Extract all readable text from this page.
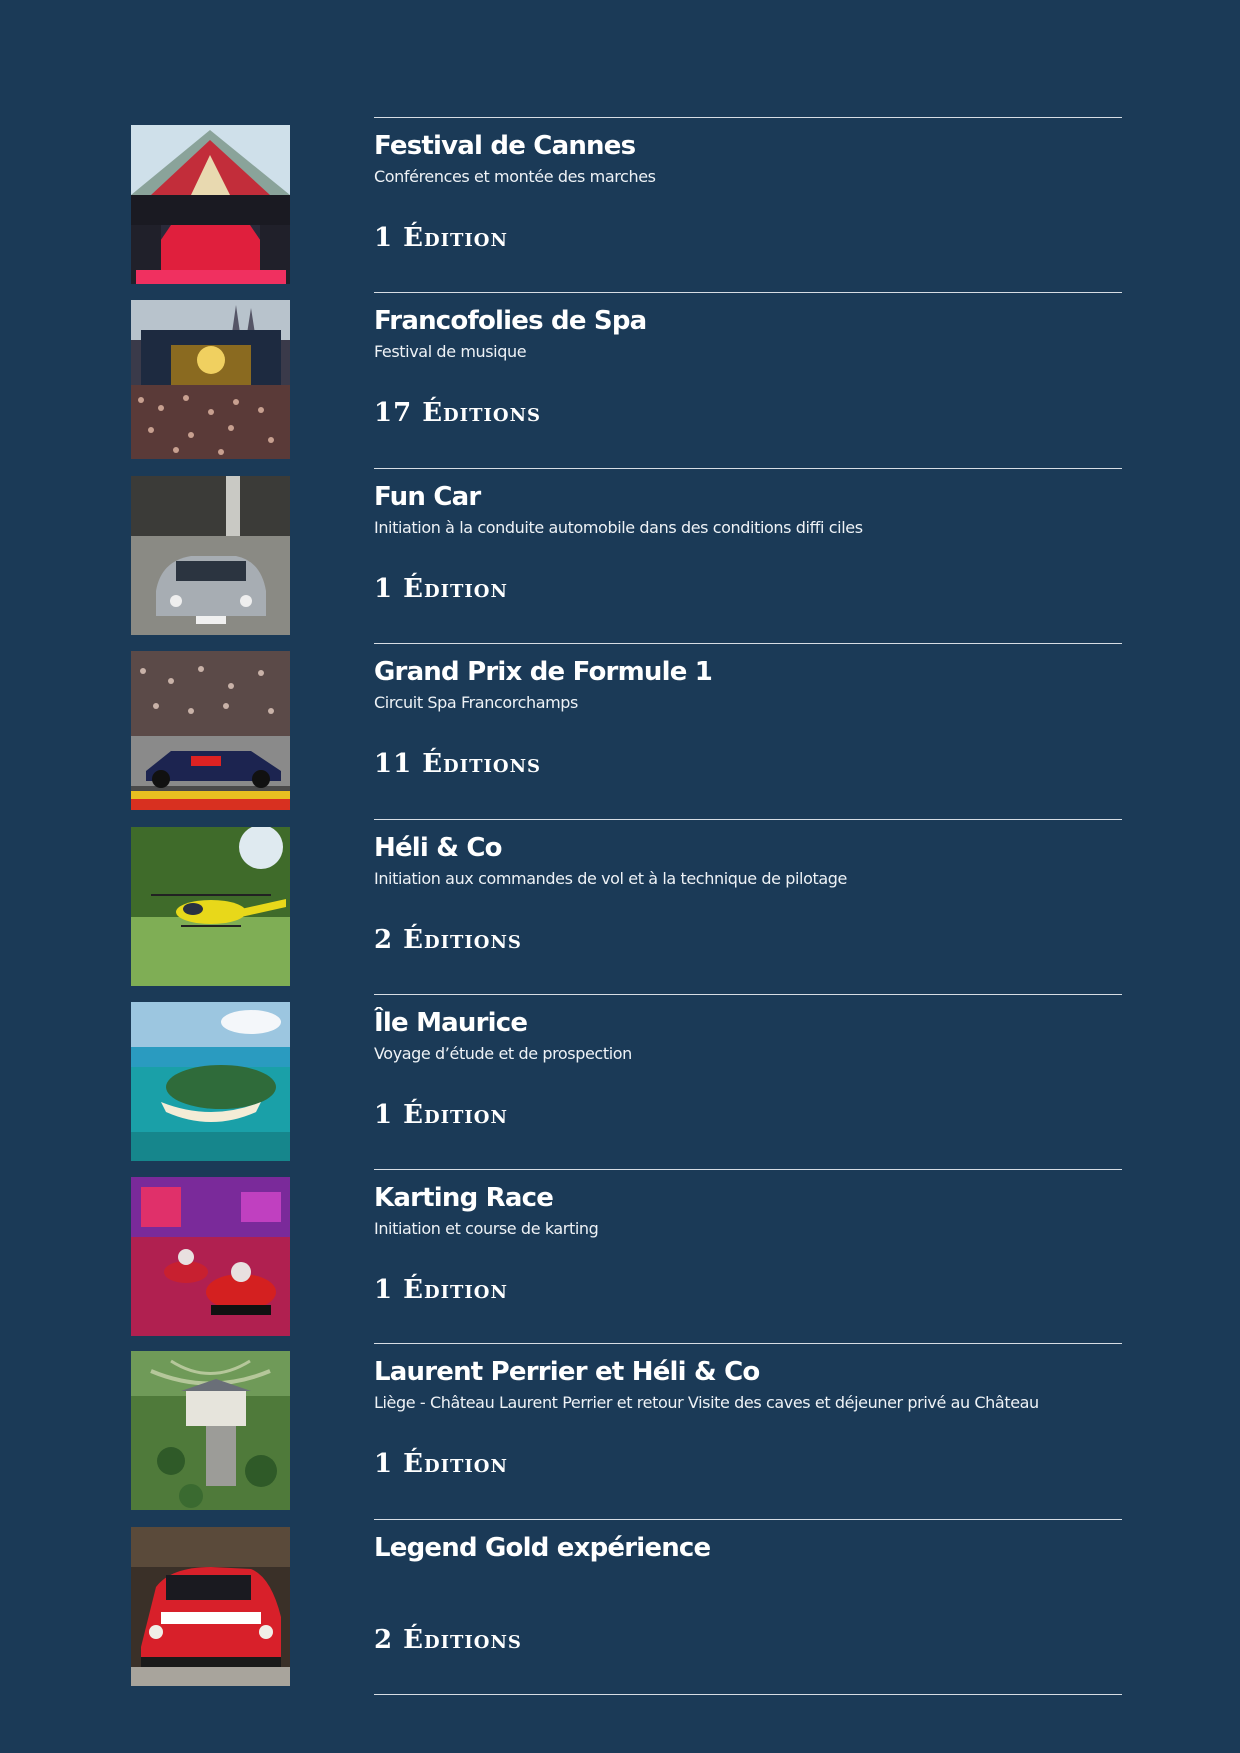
Festival de Cannes
Conférences et montée des marches
1 Édition
Francofolies de Spa
Festival de musique
17 Éditions
Fun Car
Initiation à la conduite automobile dans des conditions diffi ciles
1 Édition
Grand Prix de Formule 1
Circuit Spa Francorchamps
11 Éditions
Héli & Co
Initiation aux commandes de vol et à la technique de pilotage
2 Éditions
Île Maurice
Voyage d’étude et de prospection
1 Édition
Karting Race
Initiation et course de karting
1 Édition
Laurent Perrier et Héli & Co
Liège - Château Laurent Perrier et retour Visite des caves et déjeuner privé au Château
1 Édition
Legend Gold expérience
2 Éditions
